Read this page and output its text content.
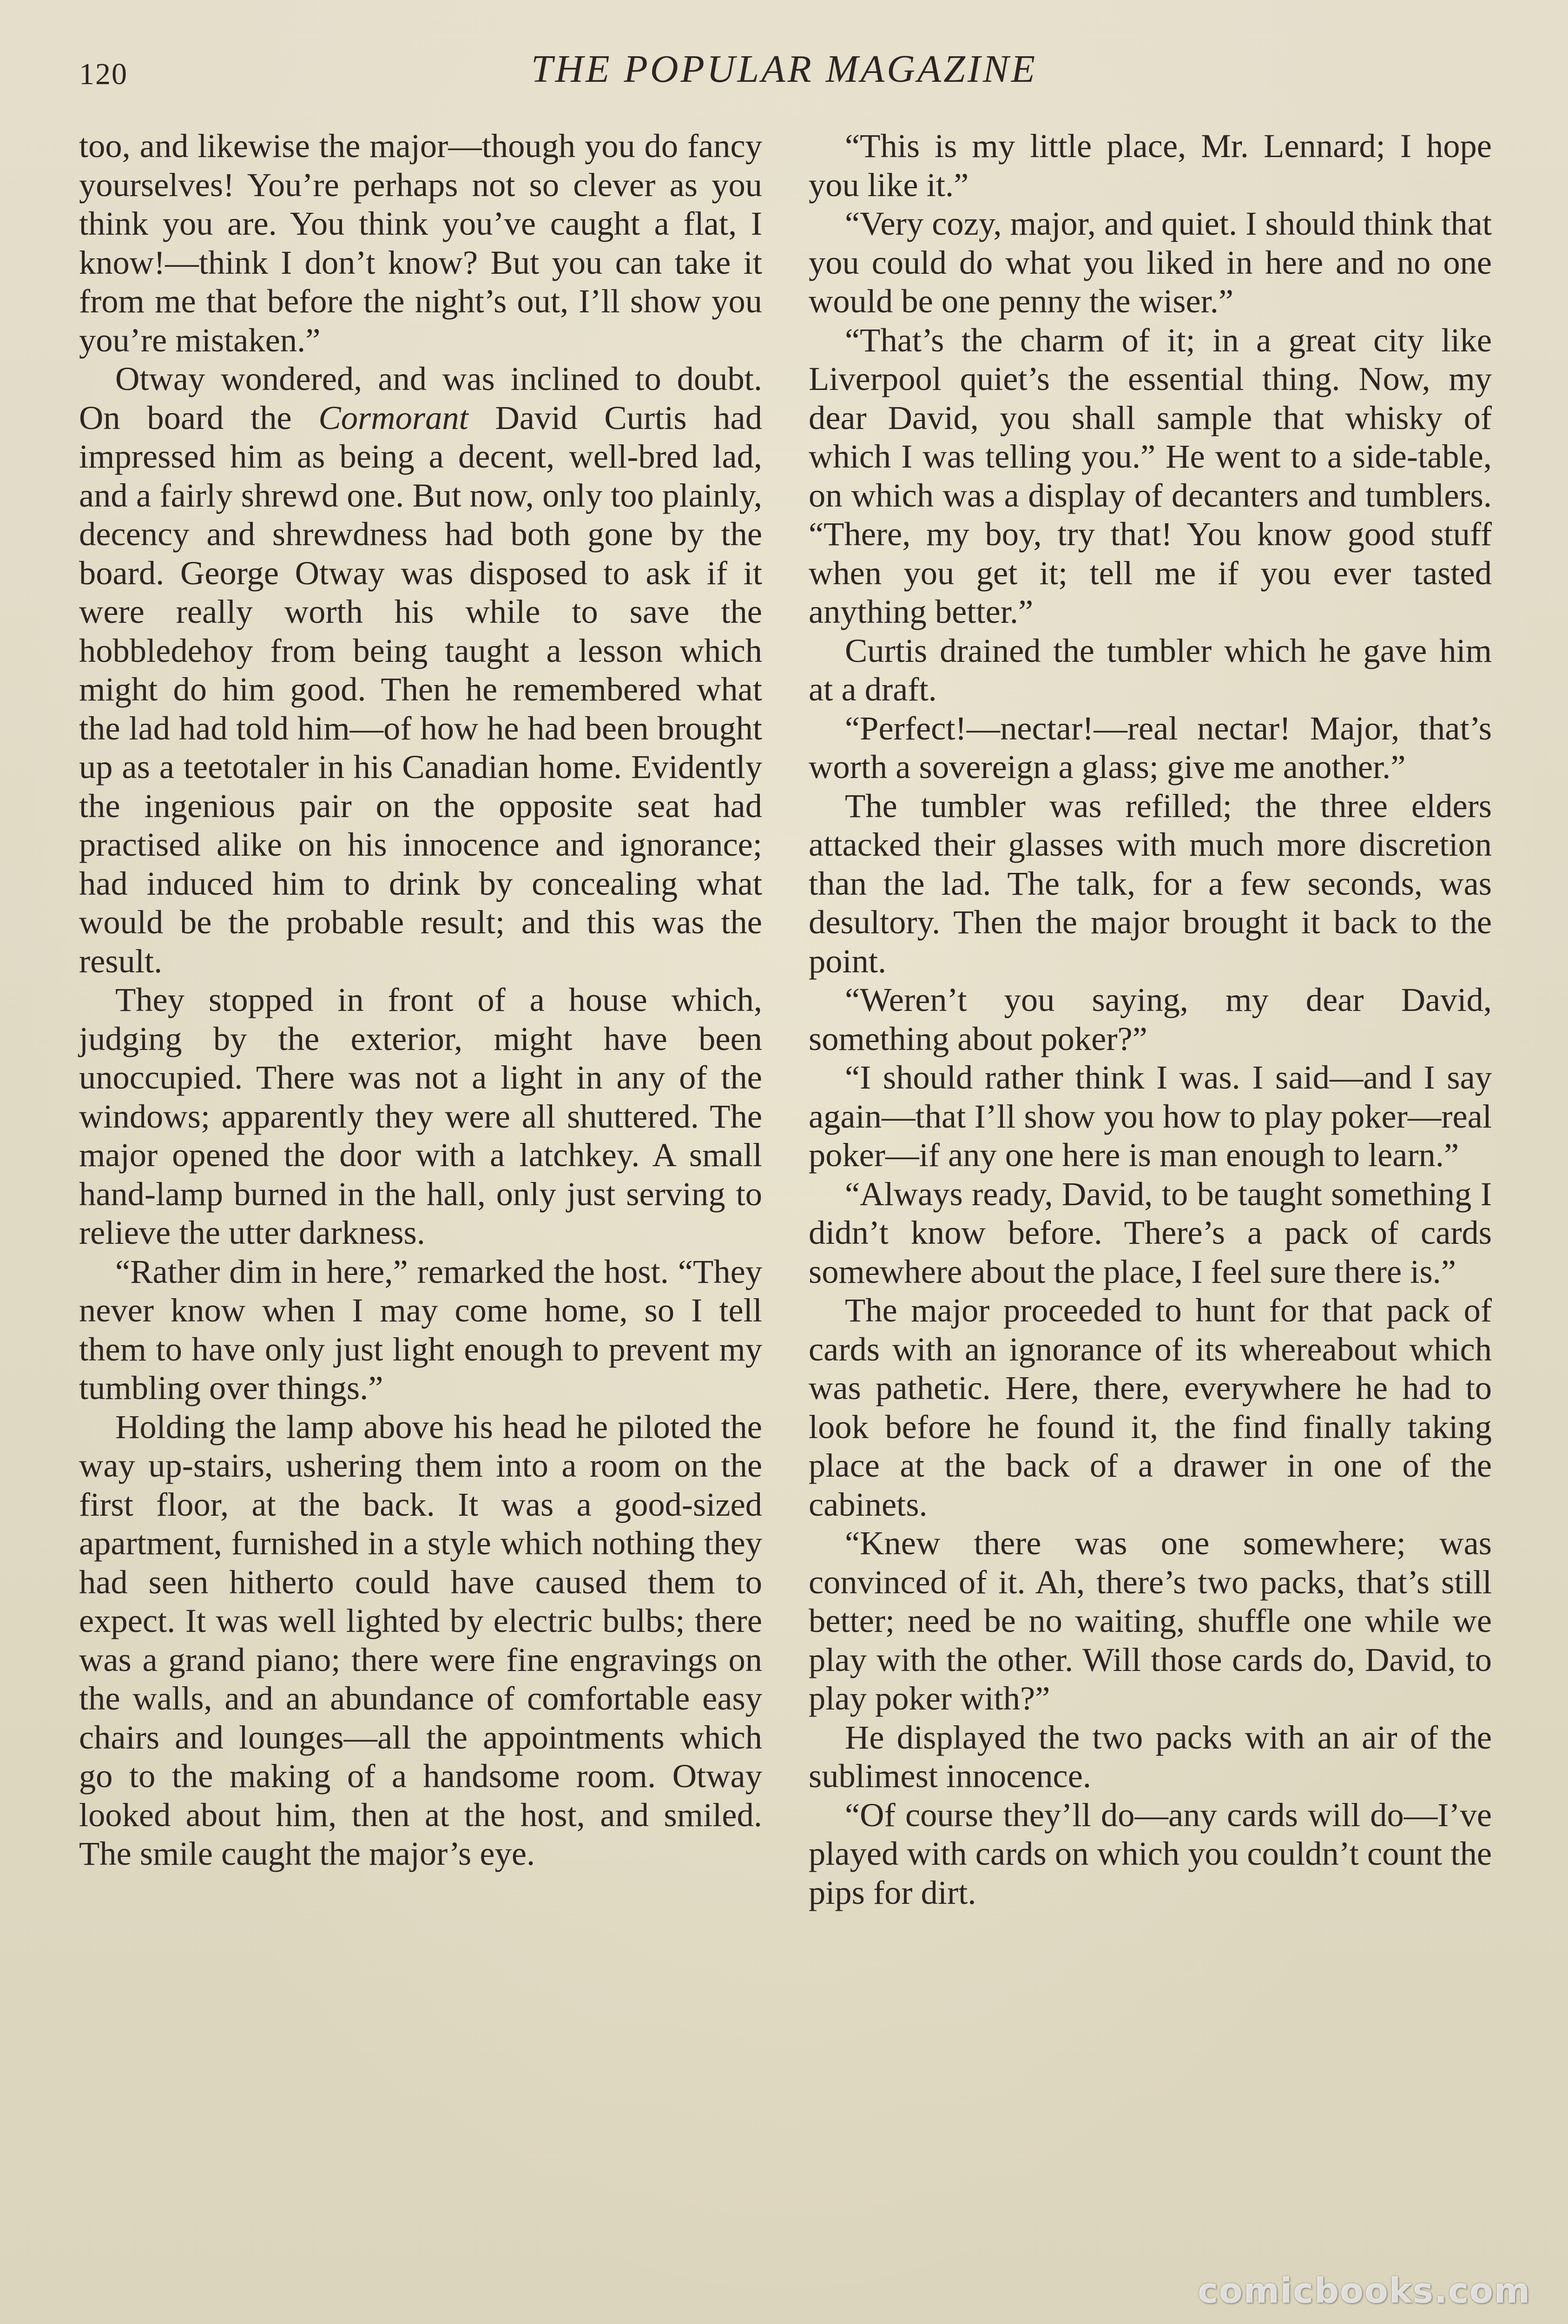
120	THE POPULAR MAGAZINE

too, and likewise the major—though you do fancy yourselves! You’re perhaps not so clever as you think you are. You think you’ve caught a flat, I know!—think I don’t know? But you can take it from me that before the night’s out, I’ll show you you’re mistaken.”

Otway wondered, and was inclined to doubt. On board the Cormorant David Curtis had impressed him as being a decent, well-bred lad, and a fairly shrewd one. But now, only too plainly, decency and shrewdness had both gone by the board. George Otway was disposed to ask if it were really worth his while to save the hobbledehoy from being taught a lesson which might do him good. Then he remembered what the lad had told him—of how he had been brought up as a teetotaler in his Canadian home. Evidently the ingenious pair on the opposite seat had practised alike on his innocence and ignorance; had induced him to drink by concealing what would be the probable result; and this was the result.

They stopped in front of a house which, judging by the exterior, might have been unoccupied. There was not a light in any of the windows; apparently they were all shuttered. The major opened the door with a latchkey. A small hand-lamp burned in the hall, only just serving to relieve the utter darkness.

“Rather dim in here,” remarked the host. “They never know when I may come home, so I tell them to have only just light enough to prevent my tumbling over things.”

Holding the lamp above his head he piloted the way up-stairs, ushering them into a room on the first floor, at the back. It was a good-sized apartment, furnished in a style which nothing they had seen hitherto could have caused them to expect. It was well lighted by electric bulbs; there was a grand piano; there were fine engravings on the walls, and an abundance of comfortable easy chairs and lounges—all the appointments which go to the making of a handsome room. Otway looked about him, then at the host, and smiled. The smile caught the major’s eye.

“This is my little place, Mr. Lennard; I hope you like it.”

“Very cozy, major, and quiet. I should think that you could do what you liked in here and no one would be one penny the wiser.”

“That’s the charm of it; in a great city like Liverpool quiet’s the essential thing. Now, my dear David, you shall sample that whisky of which I was telling you.” He went to a side-table, on which was a display of decanters and tumblers. “There, my boy, try that! You know good stuff when you get it; tell me if you ever tasted anything better.”

Curtis drained the tumbler which he gave him at a draft.

“Perfect!—nectar!—real nectar! Major, that’s worth a sovereign a glass; give me another.”

The tumbler was refilled; the three elders attacked their glasses with much more discretion than the lad. The talk, for a few seconds, was desultory. Then the major brought it back to the point.

“Weren’t you saying, my dear David, something about poker?”

“I should rather think I was. I said—and I say again—that I’ll show you how to play poker—real poker—if any one here is man enough to learn.”

“Always ready, David, to be taught something I didn’t know before. There’s a pack of cards somewhere about the place, I feel sure there is.”

The major proceeded to hunt for that pack of cards with an ignorance of its whereabout which was pathetic. Here, there, everywhere he had to look before he found it, the find finally taking place at the back of a drawer in one of the cabinets.

“Knew there was one somewhere; was convinced of it. Ah, there’s two packs, that’s still better; need be no waiting, shuffle one while we play with the other. Will those cards do, David, to play poker with?”

He displayed the two packs with an air of the sublimest innocence.

“Of course they’ll do—any cards will do—I’ve played with cards on which you couldn’t count the pips for dirt.

comicbooks.com
